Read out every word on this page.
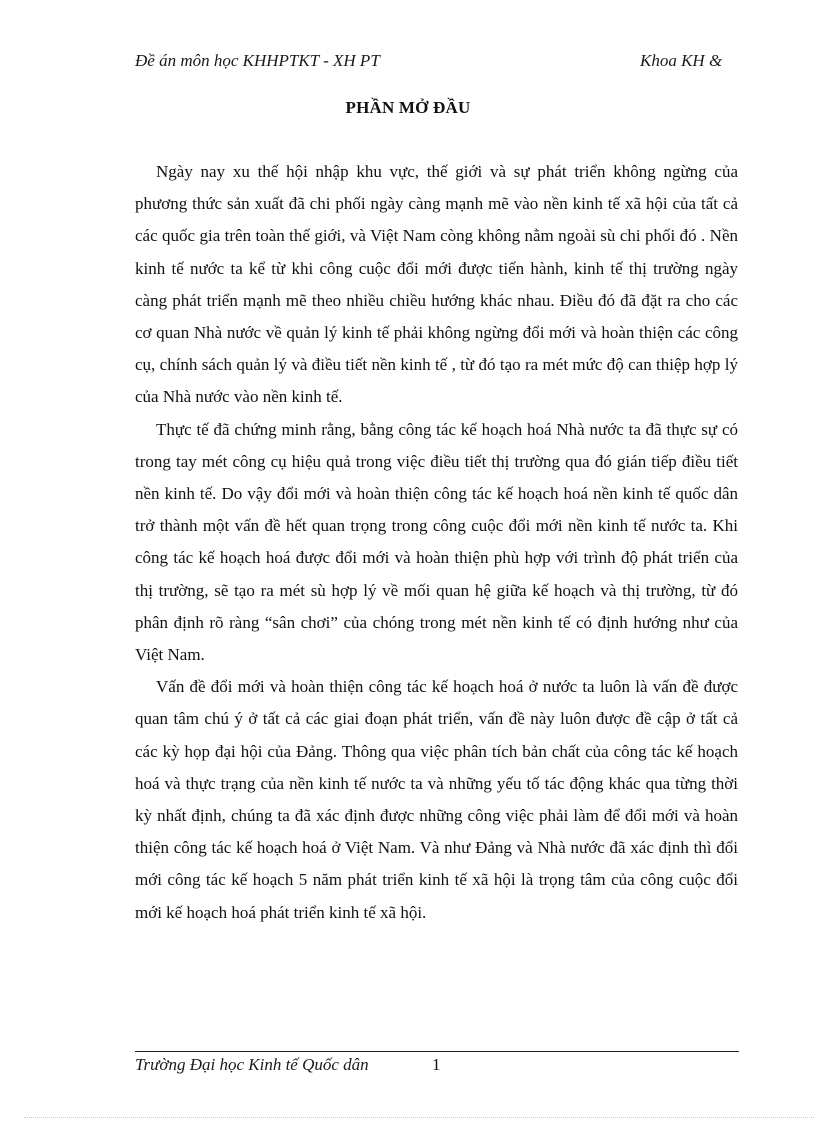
Đề án môn học KHHPTKT - XH PT	Khoa KH &
PHẦN MỞ ĐẦU

Ngày nay xu thế hội nhập khu vực, thế giới và sự phát triển không ngừng của phương thức sản xuất đã chi phối ngày càng mạnh mẽ vào nền kinh tế xã hội của tất cả các quốc gia trên toàn thế giới, và Việt Nam còng không nằm ngoài sù chi phối đó . Nền kinh tế nước ta kể từ khi công cuộc đổi mới được tiến hành, kinh tế thị trường ngày càng phát triển mạnh mẽ theo nhiều chiều hướng khác nhau. Điều đó đã đặt ra cho các cơ quan Nhà nước về quản lý kinh tế phải không ngừng đổi mới và hoàn thiện các công cụ, chính sách quản lý và điều tiết nền kinh tế , từ đó tạo ra mét mức độ can thiệp hợp lý của Nhà nước vào nền kinh tế.

Thực tế đã chứng minh rằng, bằng công tác kế hoạch hoá Nhà nước ta đã thực sự có trong tay mét công cụ hiệu quả trong việc điều tiết thị trường qua đó gián tiếp điều tiết nền kinh tế. Do vậy đổi mới và hoàn thiện công tác kế hoạch hoá nền kinh tế quốc dân trở thành một vấn đề hết quan trọng trong công cuộc đổi mới nền kinh tế nước ta. Khi công tác kế hoạch hoá được đổi mới và hoàn thiện phù hợp với trình độ phát triển của thị trường, sẽ tạo ra mét sù hợp lý về mối quan hệ giữa kế hoạch và thị trường, từ đó phân định rõ ràng “sân chơi” của chóng trong mét nền kinh tế có định hướng như của Việt Nam.

Vấn đề đổi mới và hoàn thiện công tác kế hoạch hoá ở nước ta luôn là vấn đề được quan tâm chú ý ở tất cả các giai đoạn phát triển, vấn đề này luôn được đề cập ở tất cả các kỳ họp đại hội của Đảng. Thông qua việc phân tích bản chất của công tác kế hoạch hoá và thực trạng của nền kinh tế nước ta và những yếu tố tác động khác qua từng thời kỳ nhất định, chúng ta đã xác định được những công việc phải làm để đổi mới và hoàn thiện công tác kế hoạch hoá ở Việt Nam. Và như Đảng và Nhà nước đã xác định thì đổi mới công tác kế hoạch 5 năm phát triển kinh tế xã hội là trọng tâm của công cuộc đổi mới kế hoạch hoá phát triển kinh tế xã hội.

Trường Đại học Kinh tế Quốc dân	1
